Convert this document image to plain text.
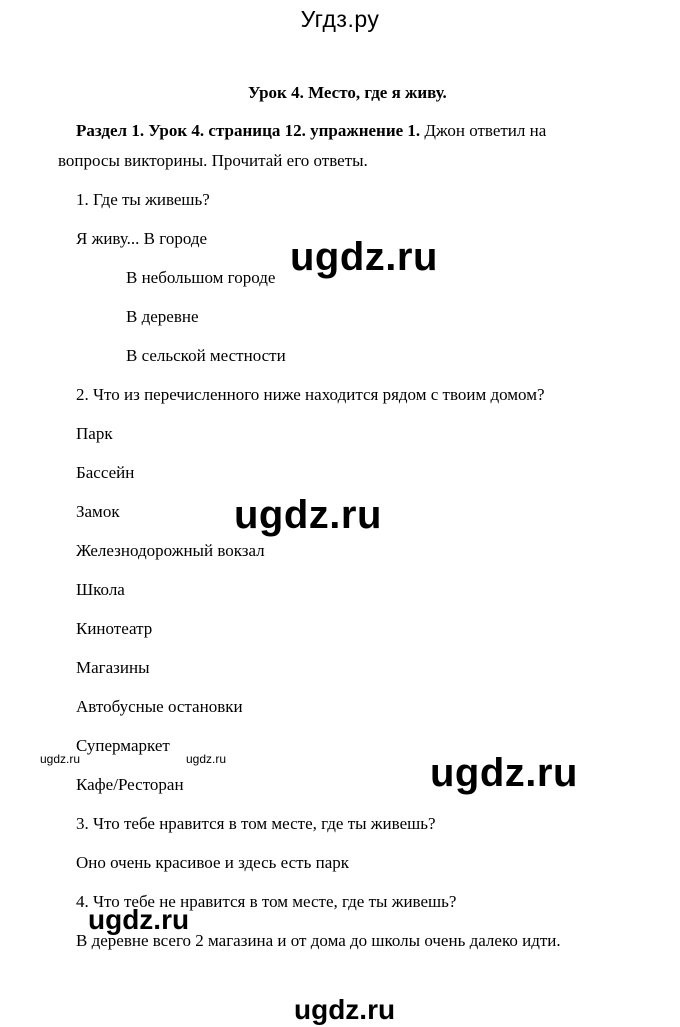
Угдз.ру
Урок 4. Место, где я живу.
Раздел 1. Урок 4. страница 12. упражнение 1. Джон ответил на
вопросы викторины. Прочитай его ответы.
1. Где ты живешь?
Я живу... В городе
В небольшом городе
В деревне
В сельской местности
2. Что из перечисленного ниже находится рядом с твоим домом?
Парк
Бассейн
Замок
Железнодорожный вокзал
Школа
Кинотеатр
Магазины
Автобусные остановки
Супермаркет
Кафе/Ресторан
3. Что тебе нравится в том месте, где ты живешь?
Оно очень красивое и здесь есть парк
4. Что тебе не нравится в том месте, где ты живешь?
В деревне всего 2 магазина и от дома до школы очень далеко идти.
ugdz.ru
ugdz.ru
ugdz.ru
ugdz.ru
ugdz.ru
ugdz.ru	ugdz.ru
